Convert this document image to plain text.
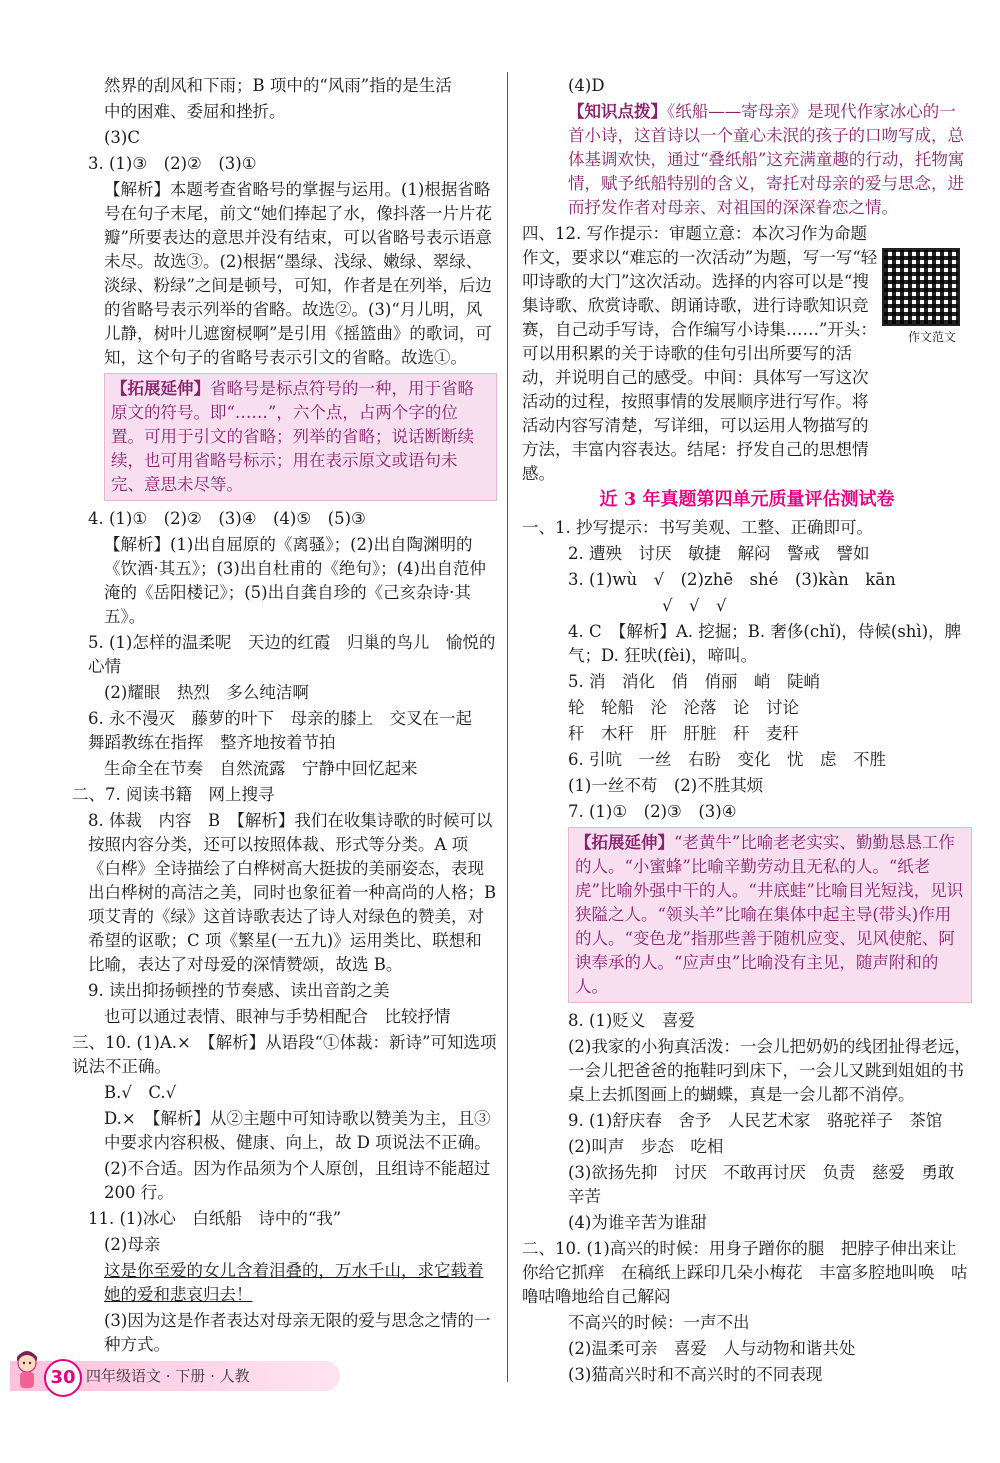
然界的刮风和下雨；B 项中的“风雨”指的是生活

中的困难、委屈和挫折。

(3)C

3. (1)③　(2)②　(3)①

【解析】本题考查省略号的掌握与运用。(1)根据省略号在句子末尾，前文“她们捧起了水，像抖落一片片花瓣”所要表达的意思并没有结束，可以省略号表示语意未尽。故选③。(2)根据“墨绿、浅绿、嫩绿、翠绿、淡绿、粉绿”之间是顿号，可知，作者是在列举，后边的省略号表示列举的省略。故选②。(3)“月儿明，风儿静，树叶儿遮窗棂啊”是引用《摇篮曲》的歌词，可知，这个句子的省略号表示引文的省略。故选①。

【拓展延伸】省略号是标点符号的一种，用于省略原文的符号。即“……”，六个点，占两个字的位置。可用于引文的省略；列举的省略；说话断断续续，也可用省略号标示；用在表示原文或语句未完、意思未尽等。

4. (1)①　(2)②　(3)④　(4)⑤　(5)③

【解析】(1)出自屈原的《离骚》；(2)出自陶渊明的《饮酒·其五》；(3)出自杜甫的《绝句》；(4)出自范仲淹的《岳阳楼记》；(5)出自龚自珍的《己亥杂诗·其五》。

5. (1)怎样的温柔呢　天边的红霞　归巢的鸟儿　愉悦的心情

(2)耀眼　热烈　多么纯洁啊

6. 永不漫灭　藤萝的叶下　母亲的膝上　交叉在一起　舞蹈教练在指挥　整齐地按着节拍

生命全在节奏　自然流露　宁静中回忆起来

二、7. 阅读书籍　网上搜寻

8. 体裁　内容　B　【解析】我们在收集诗歌的时候可以按照内容分类，还可以按照体裁、形式等分类。A 项《白桦》全诗描绘了白桦树高大挺拔的美丽姿态，表现出白桦树的高洁之美，同时也象征着一种高尚的人格；B 项艾青的《绿》这首诗歌表达了诗人对绿色的赞美，对希望的讴歌；C 项《繁星(一五九)》运用类比、联想和比喻，表达了对母爱的深情赞颂，故选 B。

9. 读出抑扬顿挫的节奏感、读出音韵之美

也可以通过表情、眼神与手势相配合　比较抒情

三、10. (1)A.×　【解析】从语段“①体裁：新诗”可知选项说法不正确。

B.√　C.√

D.×　【解析】从②主题中可知诗歌以赞美为主，且③中要求内容积极、健康、向上，故 D 项说法不正确。

(2)不合适。因为作品须为个人原创，且组诗不能超过 200 行。

11. (1)冰心　白纸船　诗中的“我”

(2)母亲

这是你至爱的女儿含着泪叠的，万水千山，求它载着她的爱和悲哀归去！

(3)因为这是作者表达对母亲无限的爱与思念之情的一种方式。

(4)D

【知识点拨】《纸船——寄母亲》是现代作家冰心的一首小诗，这首诗以一个童心未泯的孩子的口吻写成，总体基调欢快，通过“叠纸船”这充满童趣的行动，托物寓情，赋予纸船特别的含义，寄托对母亲的爱与思念，进而抒发作者对母亲、对祖国的深深眷恋之情。

四、12. 写作提示：审题立意：本次习作为命题作文，要求以“难忘的一次活动”为题，写一写“轻叩诗歌的大门”这次活动。选择的内容可以是“搜集诗歌、欣赏诗歌、朗诵诗歌，进行诗歌知识竞赛，自己动手写诗，合作编写小诗集……”开头：可以用积累的关于诗歌的佳句引出所要写的活动，并说明自己的感受。中间：具体写一写这次活动的过程，按照事情的发展顺序进行写作。将活动内容写清楚，写详细，可以运用人物描写的方法，丰富内容表达。结尾：抒发自己的思想情感。

近 3 年真题第四单元质量评估测试卷

一、1. 抄写提示：书写美观、工整、正确即可。

2. 遭殃　讨厌　敏捷　解闷　警戒　譬如

3. (1)wù　√　(2)zhē　shé　(3)kàn　kān

√　√　√

4. C　【解析】A. 挖掘；B. 奢侈(chǐ)，侍候(shì)，脾气；D. 狂吠(fèi)，啼叫。

5. 消　消化　俏　俏丽　峭　陡峭

轮　轮船　沦　沦落　论　讨论

秆　木秆　肝　肝脏　秆　麦秆

6. 引吭　一丝　右盼　变化　忧　虑　不胜

(1)一丝不苟　(2)不胜其烦

7. (1)①　(2)③　(3)④

【拓展延伸】“老黄牛”比喻老老实实、勤勤恳恳工作的人。“小蜜蜂”比喻辛勤劳动且无私的人。“纸老虎”比喻外强中干的人。“井底蛙”比喻目光短浅，见识狭隘之人。“领头羊”比喻在集体中起主导(带头)作用的人。“变色龙”指那些善于随机应变、见风使舵、阿谀奉承的人。“应声虫”比喻没有主见，随声附和的人。

8. (1)贬义　喜爱

(2)我家的小狗真活泼：一会儿把奶奶的线团扯得老远，一会儿把爸爸的拖鞋叼到床下，一会儿又跳到姐姐的书桌上去抓图画上的蝴蝶，真是一会儿都不消停。

9. (1)舒庆春　舍予　人民艺术家　骆驼祥子　茶馆

(2)叫声　步态　吃相

(3)欲扬先抑　讨厌　不敢再讨厌　负责　慈爱　勇敢　辛苦

(4)为谁辛苦为谁甜

二、10. (1)高兴的时候：用身子蹭你的腿　把脖子伸出来让你给它抓痒　在稿纸上踩印几朵小梅花　丰富多腔地叫唤　咕噜咕噜地给自己解闷

不高兴的时候：一声不出

(2)温柔可亲　喜爱　人与动物和谐共处

(3)猫高兴时和不高兴时的不同表现

作文范文
30 四年级语文 · 下册 · 人教
